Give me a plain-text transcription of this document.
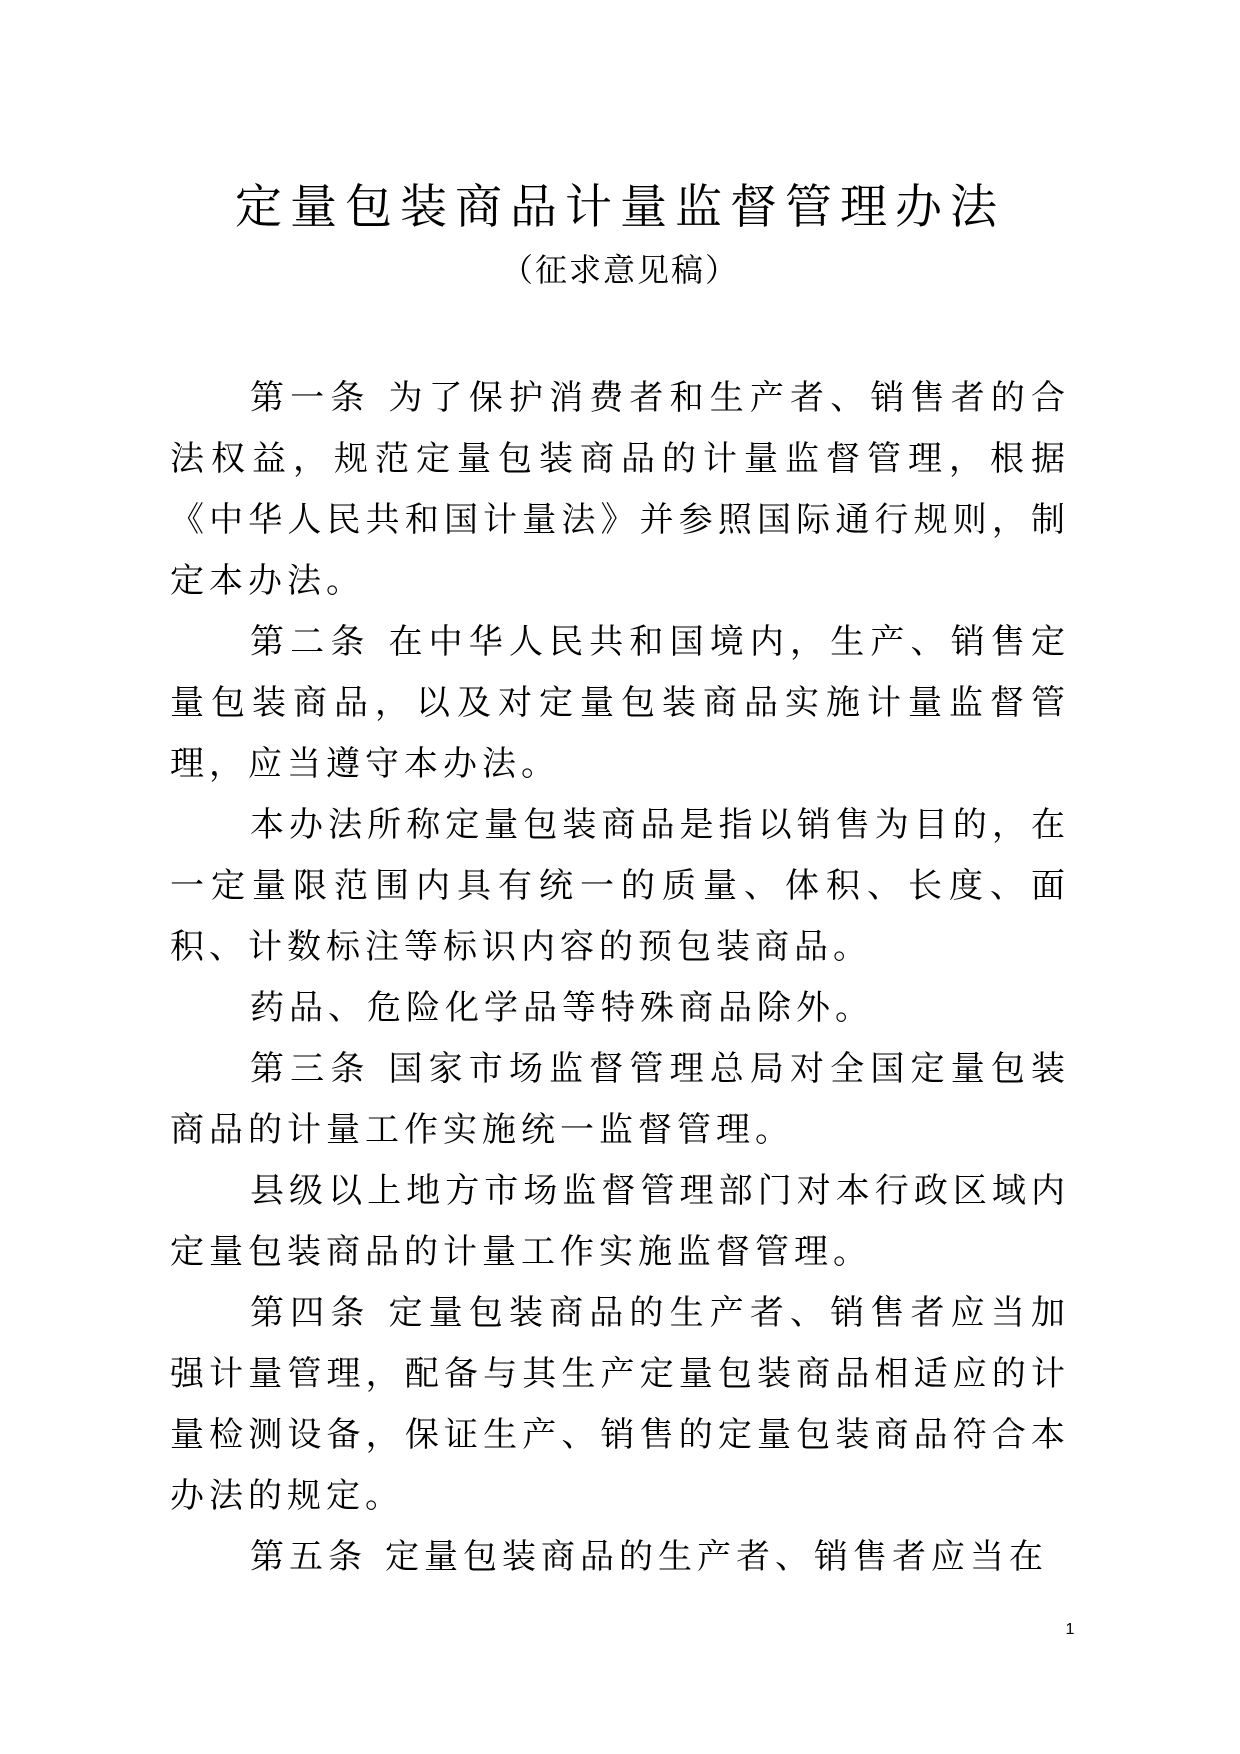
定量包装商品计量监督管理办法
（征求意见稿）

第一条 为了保护消费者和生产者、销售者的合法权益，规范定量包装商品的计量监督管理，根据《中华人民共和国计量法》并参照国际通行规则，制定本办法。

第二条 在中华人民共和国境内，生产、销售定量包装商品，以及对定量包装商品实施计量监督管理，应当遵守本办法。

本办法所称定量包装商品是指以销售为目的，在一定量限范围内具有统一的质量、体积、长度、面积、计数标注等标识内容的预包装商品。

药品、危险化学品等特殊商品除外。

第三条 国家市场监督管理总局对全国定量包装商品的计量工作实施统一监督管理。

县级以上地方市场监督管理部门对本行政区域内定量包装商品的计量工作实施监督管理。

第四条 定量包装商品的生产者、销售者应当加强计量管理，配备与其生产定量包装商品相适应的计量检测设备，保证生产、销售的定量包装商品符合本办法的规定。

第五条 定量包装商品的生产者、销售者应当在

1
